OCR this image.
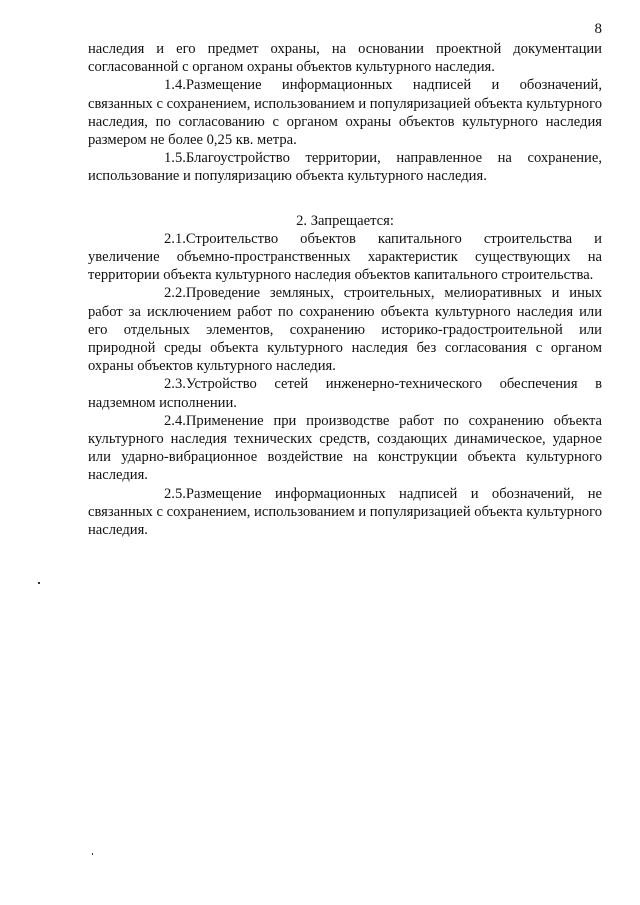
8

наследия и его предмет охраны, на основании проектной документации согласованной с органом охраны объектов культурного наследия.

1.4.Размещение информационных надписей и обозначений, связанных с сохранением, использованием и популяризацией объекта культурного наследия, по согласованию с органом охраны объектов культурного наследия размером не более 0,25 кв. метра.

1.5.Благоустройство территории, направленное на сохранение, использование и популяризацию объекта культурного наследия.

2. Запрещается:

2.1.Строительство объектов капитального строительства и увеличение объемно-пространственных характеристик существующих на территории объекта культурного наследия объектов капитального строительства.

2.2.Проведение земляных, строительных, мелиоративных и иных работ за исключением работ по сохранению объекта культурного наследия или его отдельных элементов, сохранению историко-градостроительной или природной среды объекта культурного наследия без согласования с органом охраны объектов культурного наследия.

2.3.Устройство сетей инженерно-технического обеспечения в надземном исполнении.

2.4.Применение при производстве работ по сохранению объекта культурного наследия технических средств, создающих динамическое, ударное или ударно-вибрационное воздействие на конструкции объекта культурного наследия.

2.5.Размещение информационных надписей и обозначений, не связанных с сохранением, использованием и популяризацией объекта культурного наследия.
